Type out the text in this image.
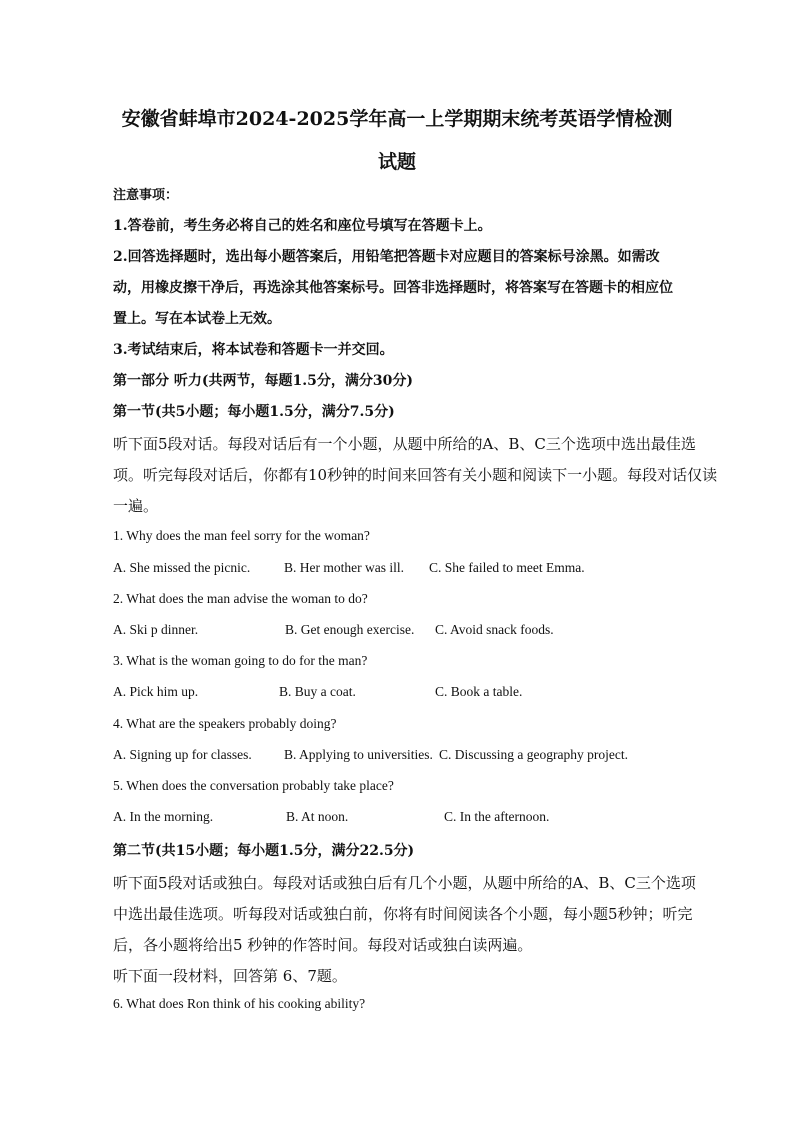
安徽省蚌埠市2024-2025学年高一上学期期末统考英语学情检测
试题
注意事项：
1.答卷前，考生务必将自己的姓名和座位号填写在答题卡上。
2.回答选择题时，选出每小题答案后，用铅笔把答题卡对应题目的答案标号涂黑。如需改
动，用橡皮擦干净后，再选涂其他答案标号。回答非选择题时，将答案写在答题卡的相应位
置上。写在本试卷上无效。
3.考试结束后，将本试卷和答题卡一并交回。
第一部分 听力(共两节，每题1.5分，满分30分)
第一节(共5小题；每小题1.5分，满分7.5分)
听下面5段对话。每段对话后有一个小题，从题中所给的A、B、C三个选项中选出最佳选
项。听完每段对话后，你都有10秒钟的时间来回答有关小题和阅读下一小题。每段对话仅读
一遍。
1. Why does the man feel sorry for the woman?
A. She missed the picnic.	B. Her mother was ill. C. She failed to meet Emma.
2. What does the man advise the woman to do?
A. Ski p dinner.	B. Get enough exercise. C. Avoid snack foods.
3. What is the woman going to do for the man?
A. Pick him up.	B. Buy a coat.	C. Book a table.
4. What are the speakers probably doing?
A. Signing up for classes. B. Applying to universities. C. Discussing a geography project.
5. When does the conversation probably take place?
A. In the morning.	B. At noon.	C. In the afternoon.
第二节(共15小题；每小题1.5分，满分22.5分)
听下面5段对话或独白。每段对话或独白后有几个小题，从题中所给的A、B、C三个选项
中选出最佳选项。听每段对话或独白前，你将有时间阅读各个小题，每小题5秒钟；听完
后，各小题将给出5 秒钟的作答时间。每段对话或独白读两遍。
听下面一段材料，回答第 6、7题。
6. What does Ron think of his cooking ability?
